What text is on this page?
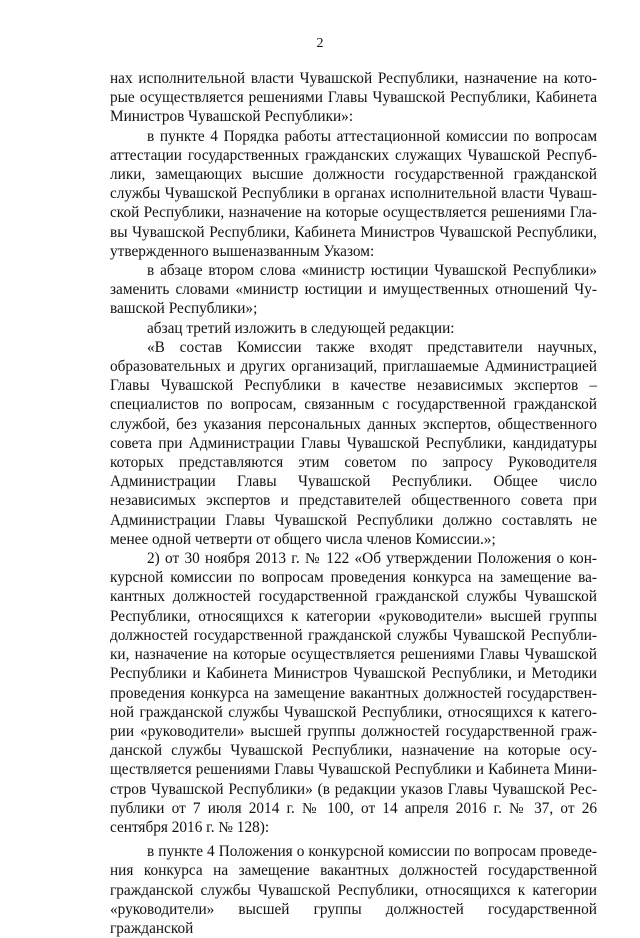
2

нах исполнительной власти Чувашской Республики, назначение на которые осуществляется решениями Главы Чувашской Республики, Кабинета Министров Чувашской Республики»:

в пункте 4 Порядка работы аттестационной комиссии по вопросам аттестации государственных гражданских служащих Чувашской Республики, замещающих высшие должности государственной гражданской службы Чувашской Республики в органах исполнительной власти Чувашской Республики, назначение на которые осуществляется решениями Главы Чувашской Республики, Кабинета Министров Чувашской Республики, утвержденного вышеназванным Указом:

в абзаце втором слова «министр юстиции Чувашской Республики» заменить словами «министр юстиции и имущественных отношений Чувашской Республики»;

абзац третий изложить в следующей редакции:

«В состав Комиссии также входят представители научных, образовательных и других организаций, приглашаемые Администрацией Главы Чувашской Республики в качестве независимых экспертов – специалистов по вопросам, связанным с государственной гражданской службой, без указания персональных данных экспертов, общественного совета при Администрации Главы Чувашской Республики, кандидатуры которых представляются этим советом по запросу Руководителя Администрации Главы Чувашской Республики. Общее число независимых экспертов и представителей общественного совета при Администрации Главы Чувашской Республики должно составлять не менее одной четверти от общего числа членов Комиссии.»;

2) от 30 ноября 2013 г. № 122 «Об утверждении Положения о конкурсной комиссии по вопросам проведения конкурса на замещение вакантных должностей государственной гражданской службы Чувашской Республики, относящихся к категории «руководители» высшей группы должностей государственной гражданской службы Чувашской Республики, назначение на которые осуществляется решениями Главы Чувашской Республики и Кабинета Министров Чувашской Республики, и Методики проведения конкурса на замещение вакантных должностей государственной гражданской службы Чувашской Республики, относящихся к категории «руководители» высшей группы должностей государственной гражданской службы Чувашской Республики, назначение на которые осуществляется решениями Главы Чувашской Республики и Кабинета Министров Чувашской Республики» (в редакции указов Главы Чувашской Республики от 7 июля 2014 г. № 100, от 14 апреля 2016 г. № 37, от 26 сентября 2016 г. № 128):

в пункте 4 Положения о конкурсной комиссии по вопросам проведения конкурса на замещение вакантных должностей государственной гражданской службы Чувашской Республики, относящихся к категории «руководители» высшей группы должностей государственной гражданской
